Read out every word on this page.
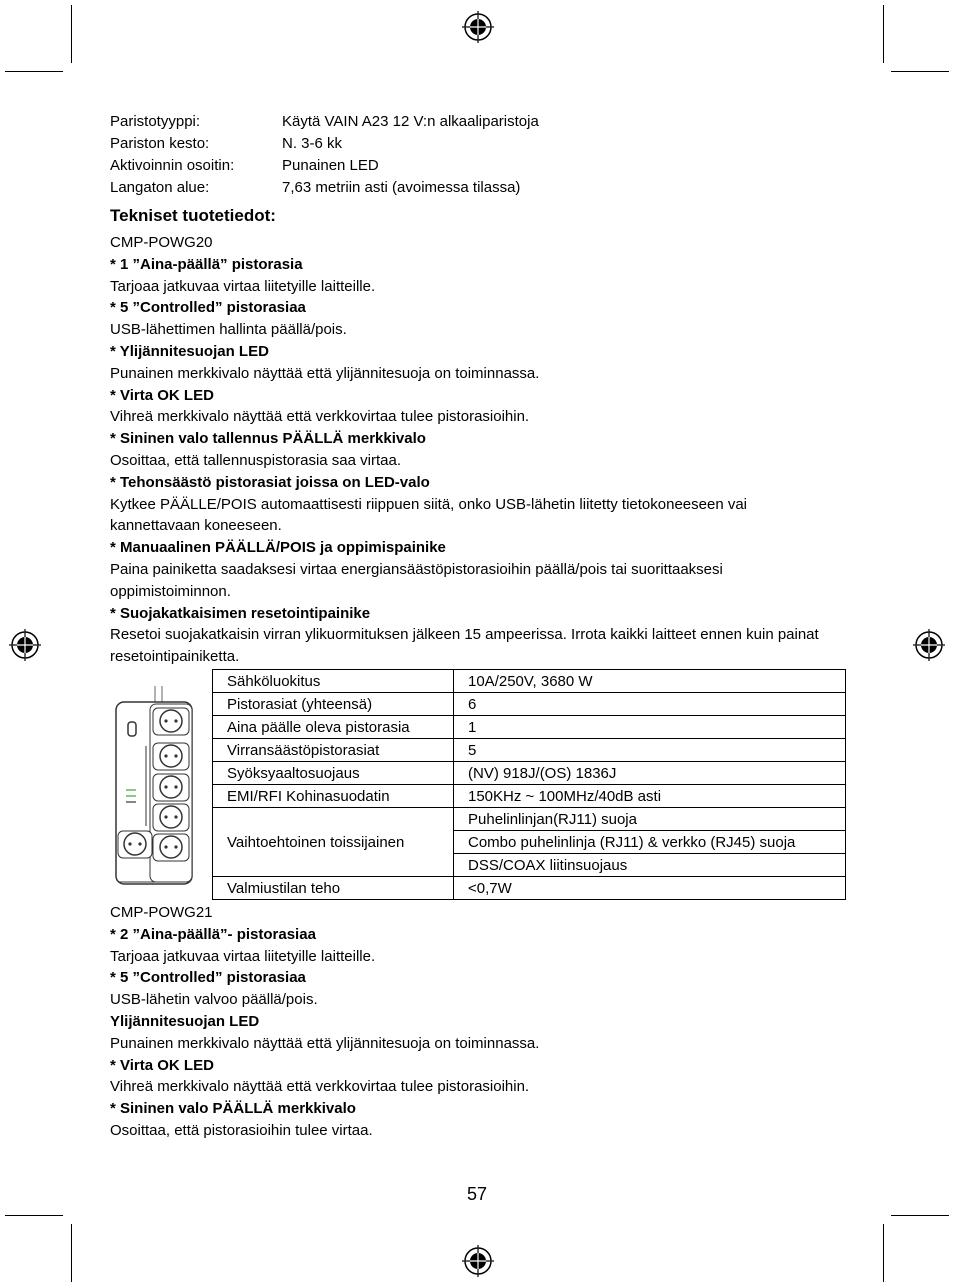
Paristotyyppi:	Käytä VAIN A23 12 V:n alkaaliparistoja
Pariston kesto:	N. 3-6 kk
Aktivoinnin osoitin:	Punainen LED
Langaton alue:	7,63 metriin asti (avoimessa tilassa)
Tekniset tuotetiedot:

CMP-POWG20

* 1 ”Aina-päällä” pistorasia

Tarjoaa jatkuvaa virtaa liitetyille laitteille.

* 5 ”Controlled” pistorasiaa

USB-lähettimen hallinta päällä/pois.

* Ylijännitesuojan LED

Punainen merkkivalo näyttää että ylijännitesuoja on toiminnassa.

* Virta OK LED

Vihreä merkkivalo näyttää että verkkovirtaa tulee pistorasioihin.

* Sininen valo tallennus PÄÄLLÄ merkkivalo

Osoittaa, että tallennuspistorasia saa virtaa.

* Tehonsäästö pistorasiat joissa on LED-valo

Kytkee PÄÄLLE/POIS automaattisesti riippuen siitä, onko USB-lähetin liitetty tietokoneeseen vai kannettavaan koneeseen.

* Manuaalinen PÄÄLLÄ/POIS ja oppimispainike

Paina painiketta saadaksesi virtaa energiansäästöpistorasioihin päällä/pois tai suorittaaksesi oppimistoiminnon.

* Suojakatkaisimen resetointipainike

Resetoi suojakatkaisin virran ylikuormituksen jälkeen 15 ampeerissa. Irrota kaikki laitteet ennen kuin painat resetointipainiketta.

Sähköluokitus	10A/250V, 3680 W
Pistorasiat (yhteensä)	6
Aina päälle oleva pistorasia	1
Virransäästöpistorasiat	5
Syöksyaaltosuojaus	(NV) 918J/(OS) 1836J
EMI/RFI Kohinasuodatin	150KHz ~ 100MHz/40dB asti
Vaihtoehtoinen toissijainen	Puhelinlinjan(RJ11) suoja
	Combo puhelinlinja (RJ11) & verkko (RJ45) suoja
	DSS/COAX liitinsuojaus
Valmiustilan teho	<0,7W

CMP-POWG21

* 2 ”Aina-päällä”- pistorasiaa

Tarjoaa jatkuvaa virtaa liitetyille laitteille.

* 5 ”Controlled” pistorasiaa

USB-lähetin valvoo päällä/pois.

Ylijännitesuojan LED

Punainen merkkivalo näyttää että ylijännitesuoja on toiminnassa.

* Virta OK LED

Vihreä merkkivalo näyttää että verkkovirtaa tulee pistorasioihin.

* Sininen valo PÄÄLLÄ merkkivalo

Osoittaa, että pistorasioihin tulee virtaa.

57
